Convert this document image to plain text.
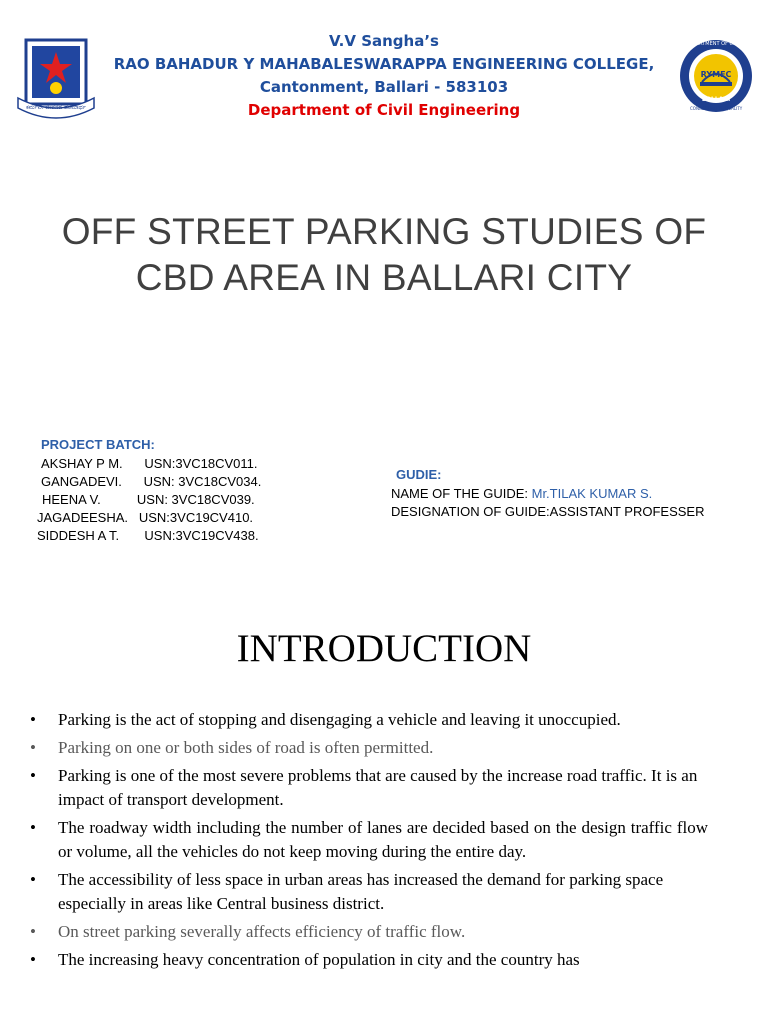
ಕರ್ಮವೇ ಜೀವನದ ಪರಮಾರ್ಥ
DEPARTMENT OF CIVIL ENGINEERING
RYMEC
BALLARI
CONNECTING TO QUALITY
V.V Sangha’s
RAO BAHADUR Y MAHABALESWARAPPA ENGINEERING COLLEGE,
Cantonment, Ballari - 583103
Department of Civil Engineering
OFF STREET PARKING STUDIES OF
CBD AREA IN BALLARI CITY
PROJECT BATCH:
AKSHAY P M.      USN:3VC18CV011.
GANGADEVI.      USN: 3VC18CV034.
HEENA V.          USN: 3VC18CV039.
JAGADEESHA.   USN:3VC19CV410.
SIDDESH A T.       USN:3VC19CV438.
GUDIE:
NAME OF THE GUIDE: Mr.TILAK KUMAR S.
DESIGNATION OF GUIDE:ASSISTANT PROFESSER
INTRODUCTION
• Parking is the act of stopping and disengaging a vehicle and leaving it unoccupied.
• Parking on one or both sides of road is often permitted.
• Parking is one of the most severe problems that are caused by the increase road traffic. It is an impact of transport development.
• The roadway width including the number of lanes are decided based on the design traffic flow or volume, all the vehicles do not keep moving during the entire day.
• The accessibility of less space in urban areas has increased the demand for parking space especially in areas like Central business district.
• On street parking severally affects efficiency of traffic flow.
• The increasing heavy concentration of population in city and the country has
